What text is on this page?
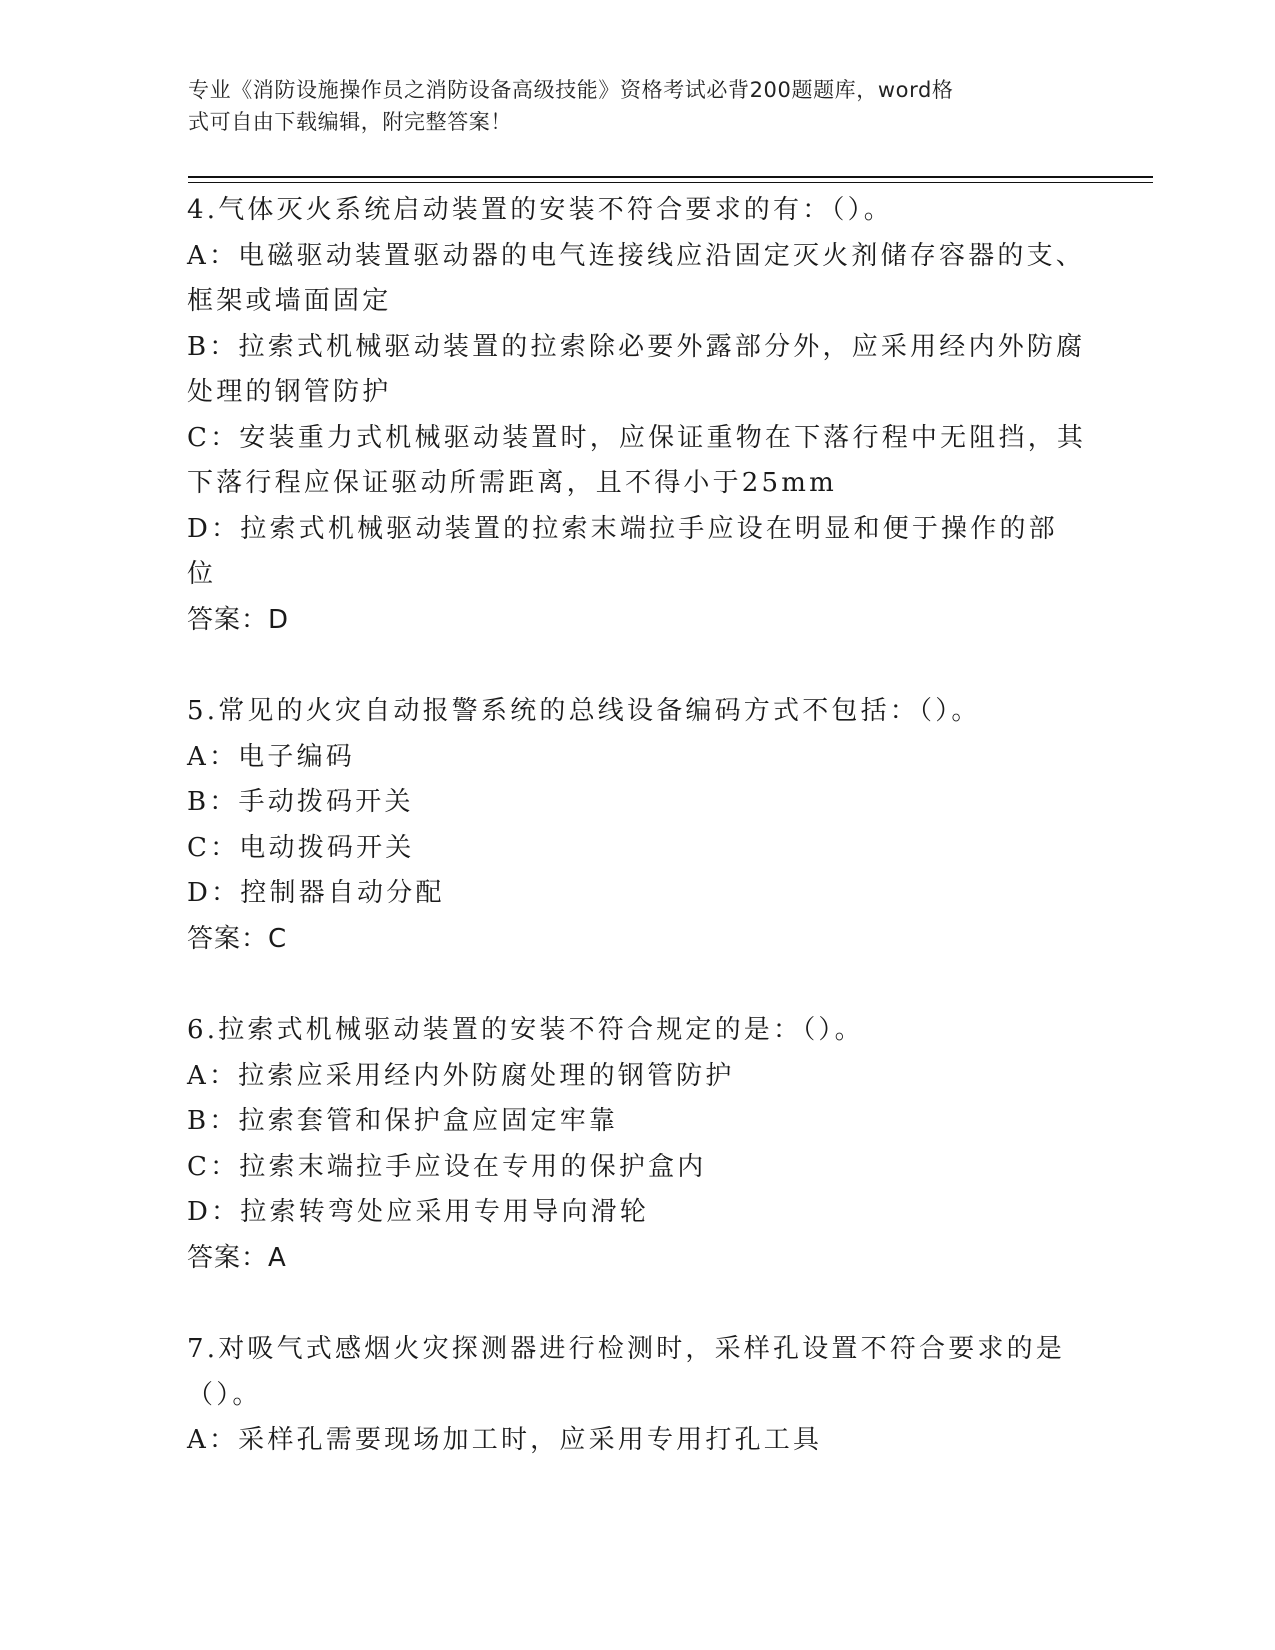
专业《消防设施操作员之消防设备高级技能》资格考试必背200题题库，word格
式可自由下载编辑，附完整答案！
4.气体灭火系统启动装置的安装不符合要求的有：（）。
A：电磁驱动装置驱动器的电气连接线应沿固定灭火剂储存容器的支、
框架或墙面固定
B：拉索式机械驱动装置的拉索除必要外露部分外，应采用经内外防腐
处理的钢管防护
C：安装重力式机械驱动装置时，应保证重物在下落行程中无阻挡，其
下落行程应保证驱动所需距离，且不得小于25mm
D：拉索式机械驱动装置的拉索末端拉手应设在明显和便于操作的部位
答案：D
5.常见的火灾自动报警系统的总线设备编码方式不包括：（）。
A：电子编码
B：手动拨码开关
C：电动拨码开关
D：控制器自动分配
答案：C
6.拉索式机械驱动装置的安装不符合规定的是：（）。
A：拉索应采用经内外防腐处理的钢管防护
B：拉索套管和保护盒应固定牢靠
C：拉索末端拉手应设在专用的保护盒内
D：拉索转弯处应采用专用导向滑轮
答案：A
7.对吸气式感烟火灾探测器进行检测时，采样孔设置不符合要求的是
（）。
A：采样孔需要现场加工时，应采用专用打孔工具
